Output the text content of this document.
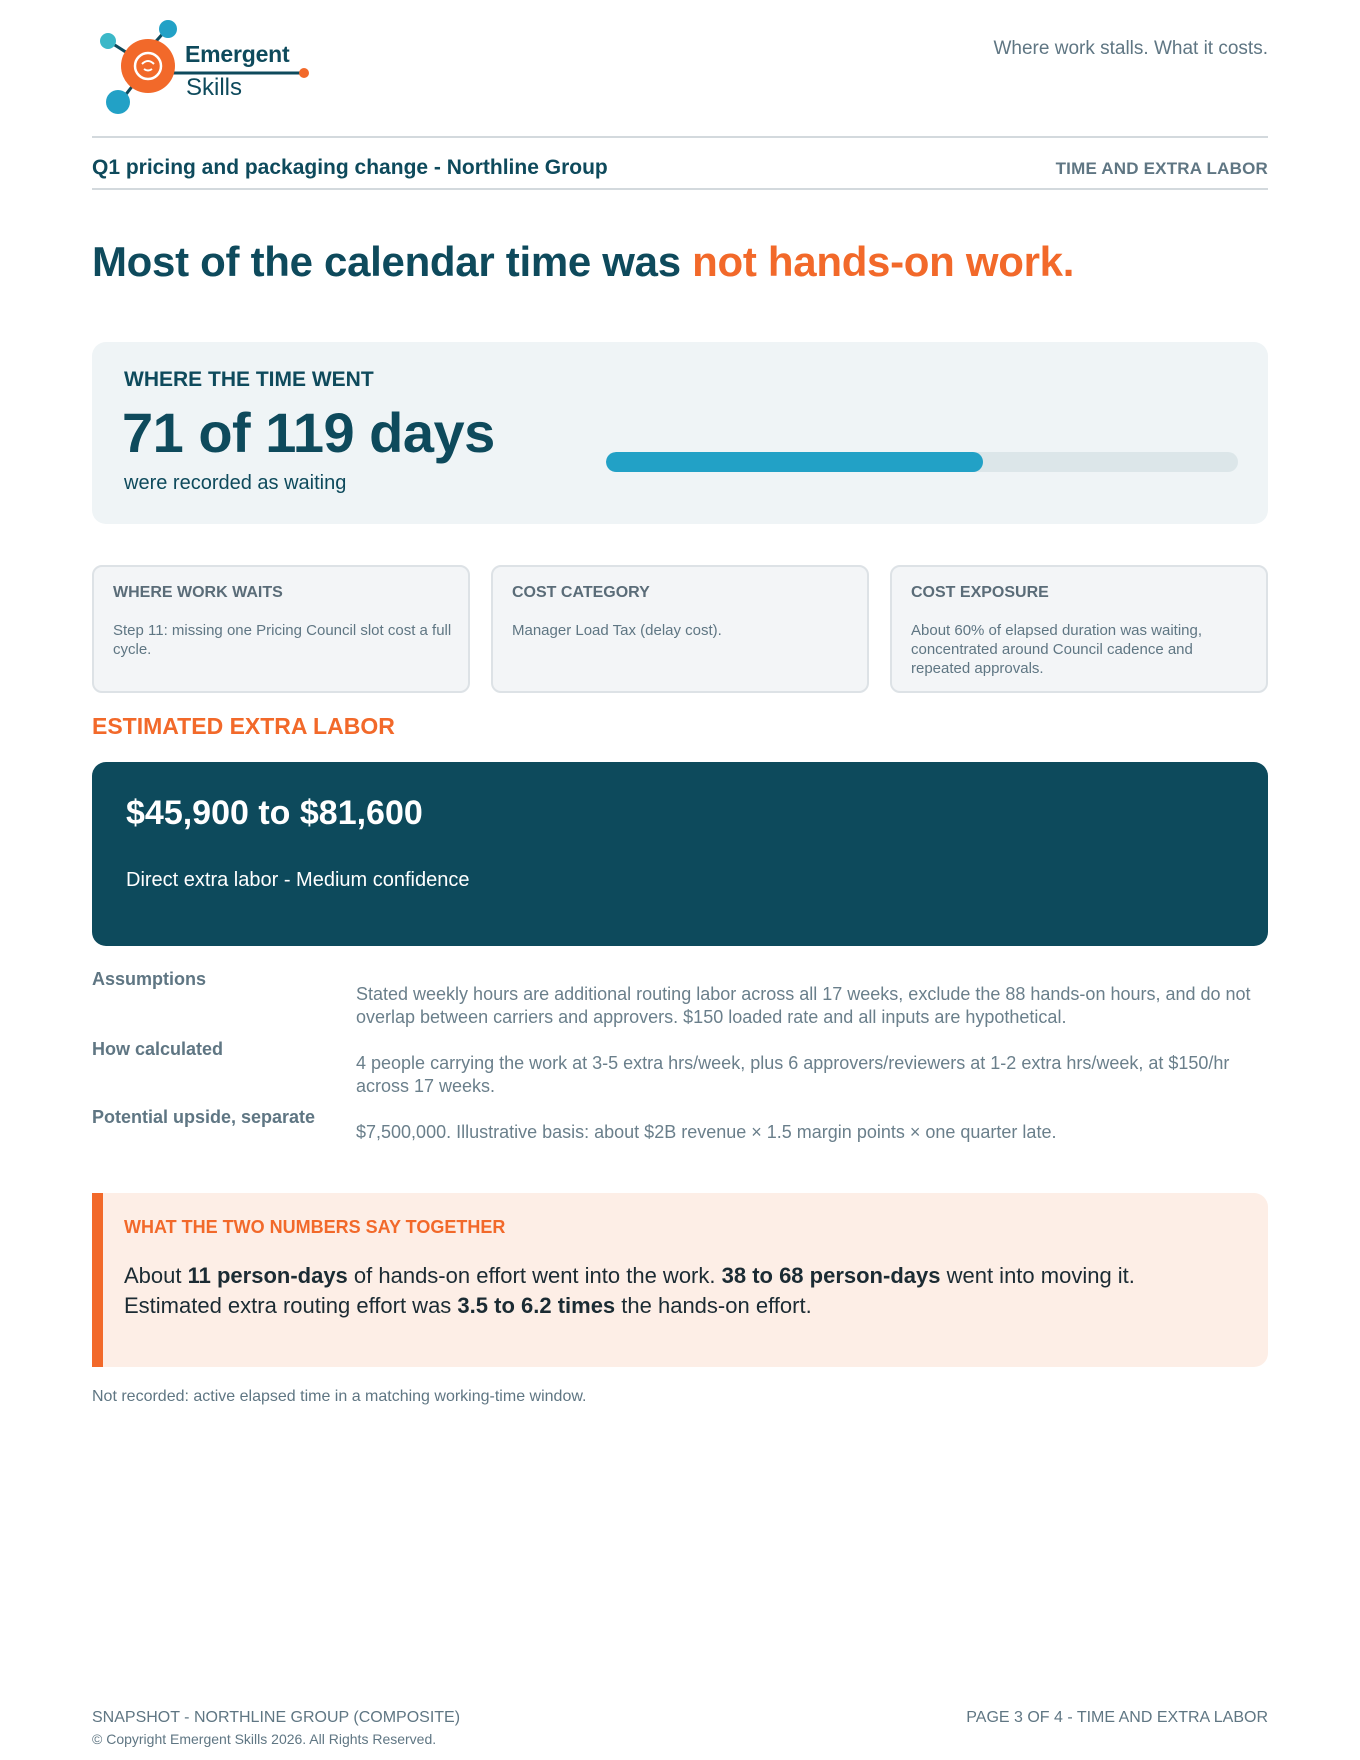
Emergent
Skills
Where work stalls. What it costs.
Q1 pricing and packaging change - Northline Group	TIME AND EXTRA LABOR
Most of the calendar time was not hands-on work.
WHERE THE TIME WENT
71 of 119 days
were recorded as waiting
WHERE WORK WAITS
Step 11: missing one Pricing Council slot cost a full cycle.
COST CATEGORY
Manager Load Tax (delay cost).
COST EXPOSURE
About 60% of elapsed duration was waiting, concentrated around Council cadence and repeated approvals.
ESTIMATED EXTRA LABOR
$45,900 to $81,600
Direct extra labor - Medium confidence
Assumptions
Stated weekly hours are additional routing labor across all 17 weeks, exclude the 88 hands-on hours, and do not overlap between carriers and approvers. $150 loaded rate and all inputs are hypothetical.
How calculated
4 people carrying the work at 3-5 extra hrs/week, plus 6 approvers/reviewers at 1-2 extra hrs/week, at $150/hr across 17 weeks.
Potential upside, separate
$7,500,000. Illustrative basis: about $2B revenue × 1.5 margin points × one quarter late.
WHAT THE TWO NUMBERS SAY TOGETHER
About 11 person-days of hands-on effort went into the work. 38 to 68 person-days went into moving it. Estimated extra routing effort was 3.5 to 6.2 times the hands-on effort.
Not recorded: active elapsed time in a matching working-time window.
SNAPSHOT - NORTHLINE GROUP (COMPOSITE)
© Copyright Emergent Skills 2026. All Rights Reserved.
PAGE 3 OF 4 - TIME AND EXTRA LABOR
